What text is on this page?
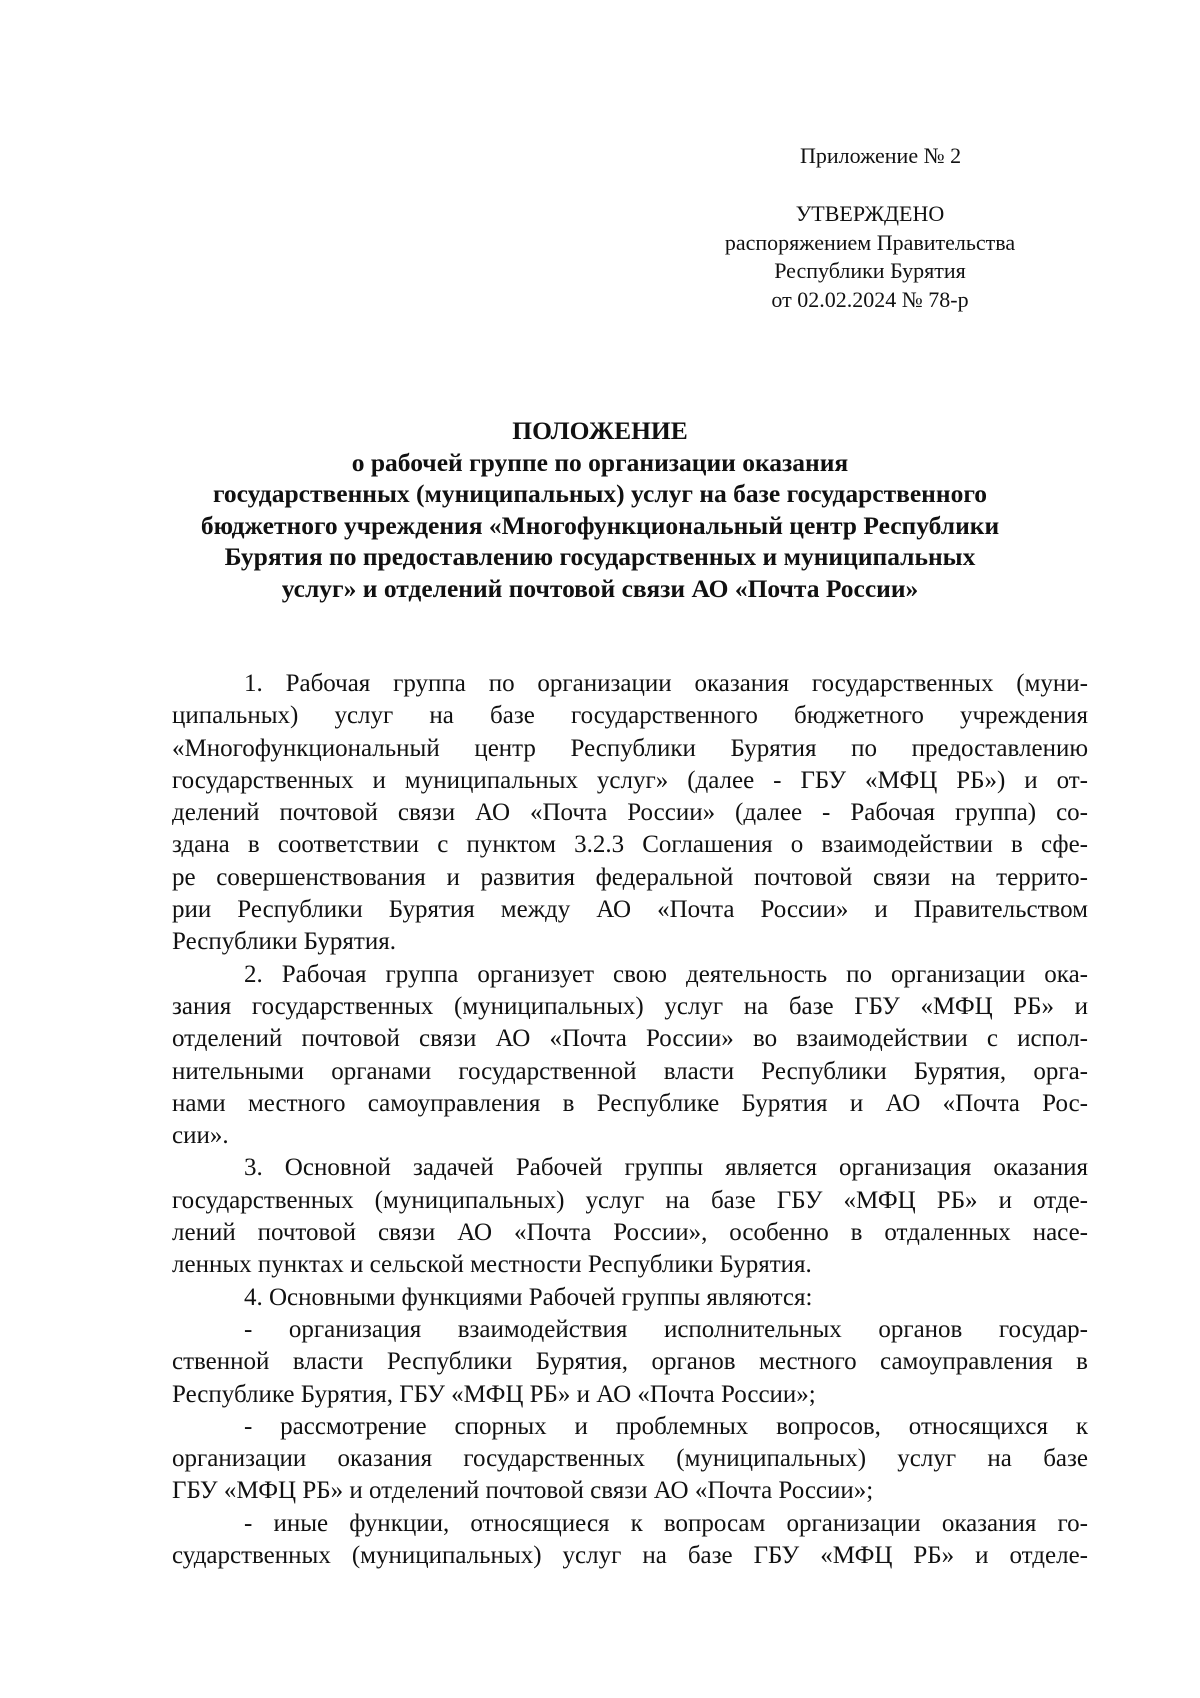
Приложение № 2
УТВЕРЖДЕНО
распоряжением Правительства
Республики Бурятия
от 02.02.2024 № 78-р
ПОЛОЖЕНИЕ
о рабочей группе по организации оказания
государственных (муниципальных) услуг на базе государственного
бюджетного учреждения «Многофункциональный центр Республики
Бурятия по предоставлению государственных и муниципальных
услуг» и отделений почтовой связи АО «Почта России»
1. Рабочая группа по организации оказания государственных (муни-
ципальных) услуг на базе государственного бюджетного учреждения
«Многофункциональный центр Республики Бурятия по предоставлению
государственных и муниципальных услуг» (далее - ГБУ «МФЦ РБ») и от-
делений почтовой связи АО «Почта России» (далее - Рабочая группа) со-
здана в соответствии с пунктом 3.2.3 Соглашения о взаимодействии в сфе-
ре совершенствования и развития федеральной почтовой связи на террито-
рии Республики Бурятия между АО «Почта России» и Правительством
Республики Бурятия.
2. Рабочая группа организует свою деятельность по организации ока-
зания государственных (муниципальных) услуг на базе ГБУ «МФЦ РБ» и
отделений почтовой связи АО «Почта России» во взаимодействии с испол-
нительными органами государственной власти Республики Бурятия, орга-
нами местного самоуправления в Республике Бурятия и АО «Почта Рос-
сии».
3. Основной задачей Рабочей группы является организация оказания
государственных (муниципальных) услуг на базе ГБУ «МФЦ РБ» и отде-
лений почтовой связи АО «Почта России», особенно в отдаленных насе-
ленных пунктах и сельской местности Республики Бурятия.
4. Основными функциями Рабочей группы являются:
- организация взаимодействия исполнительных органов государ-
ственной власти Республики Бурятия, органов местного самоуправления в
Республике Бурятия, ГБУ «МФЦ РБ» и АО «Почта России»;
- рассмотрение спорных и проблемных вопросов, относящихся к
организации оказания государственных (муниципальных) услуг на базе
ГБУ «МФЦ РБ» и отделений почтовой связи АО «Почта России»;
- иные функции, относящиеся к вопросам организации оказания го-
сударственных (муниципальных) услуг на базе ГБУ «МФЦ РБ» и отделе-
